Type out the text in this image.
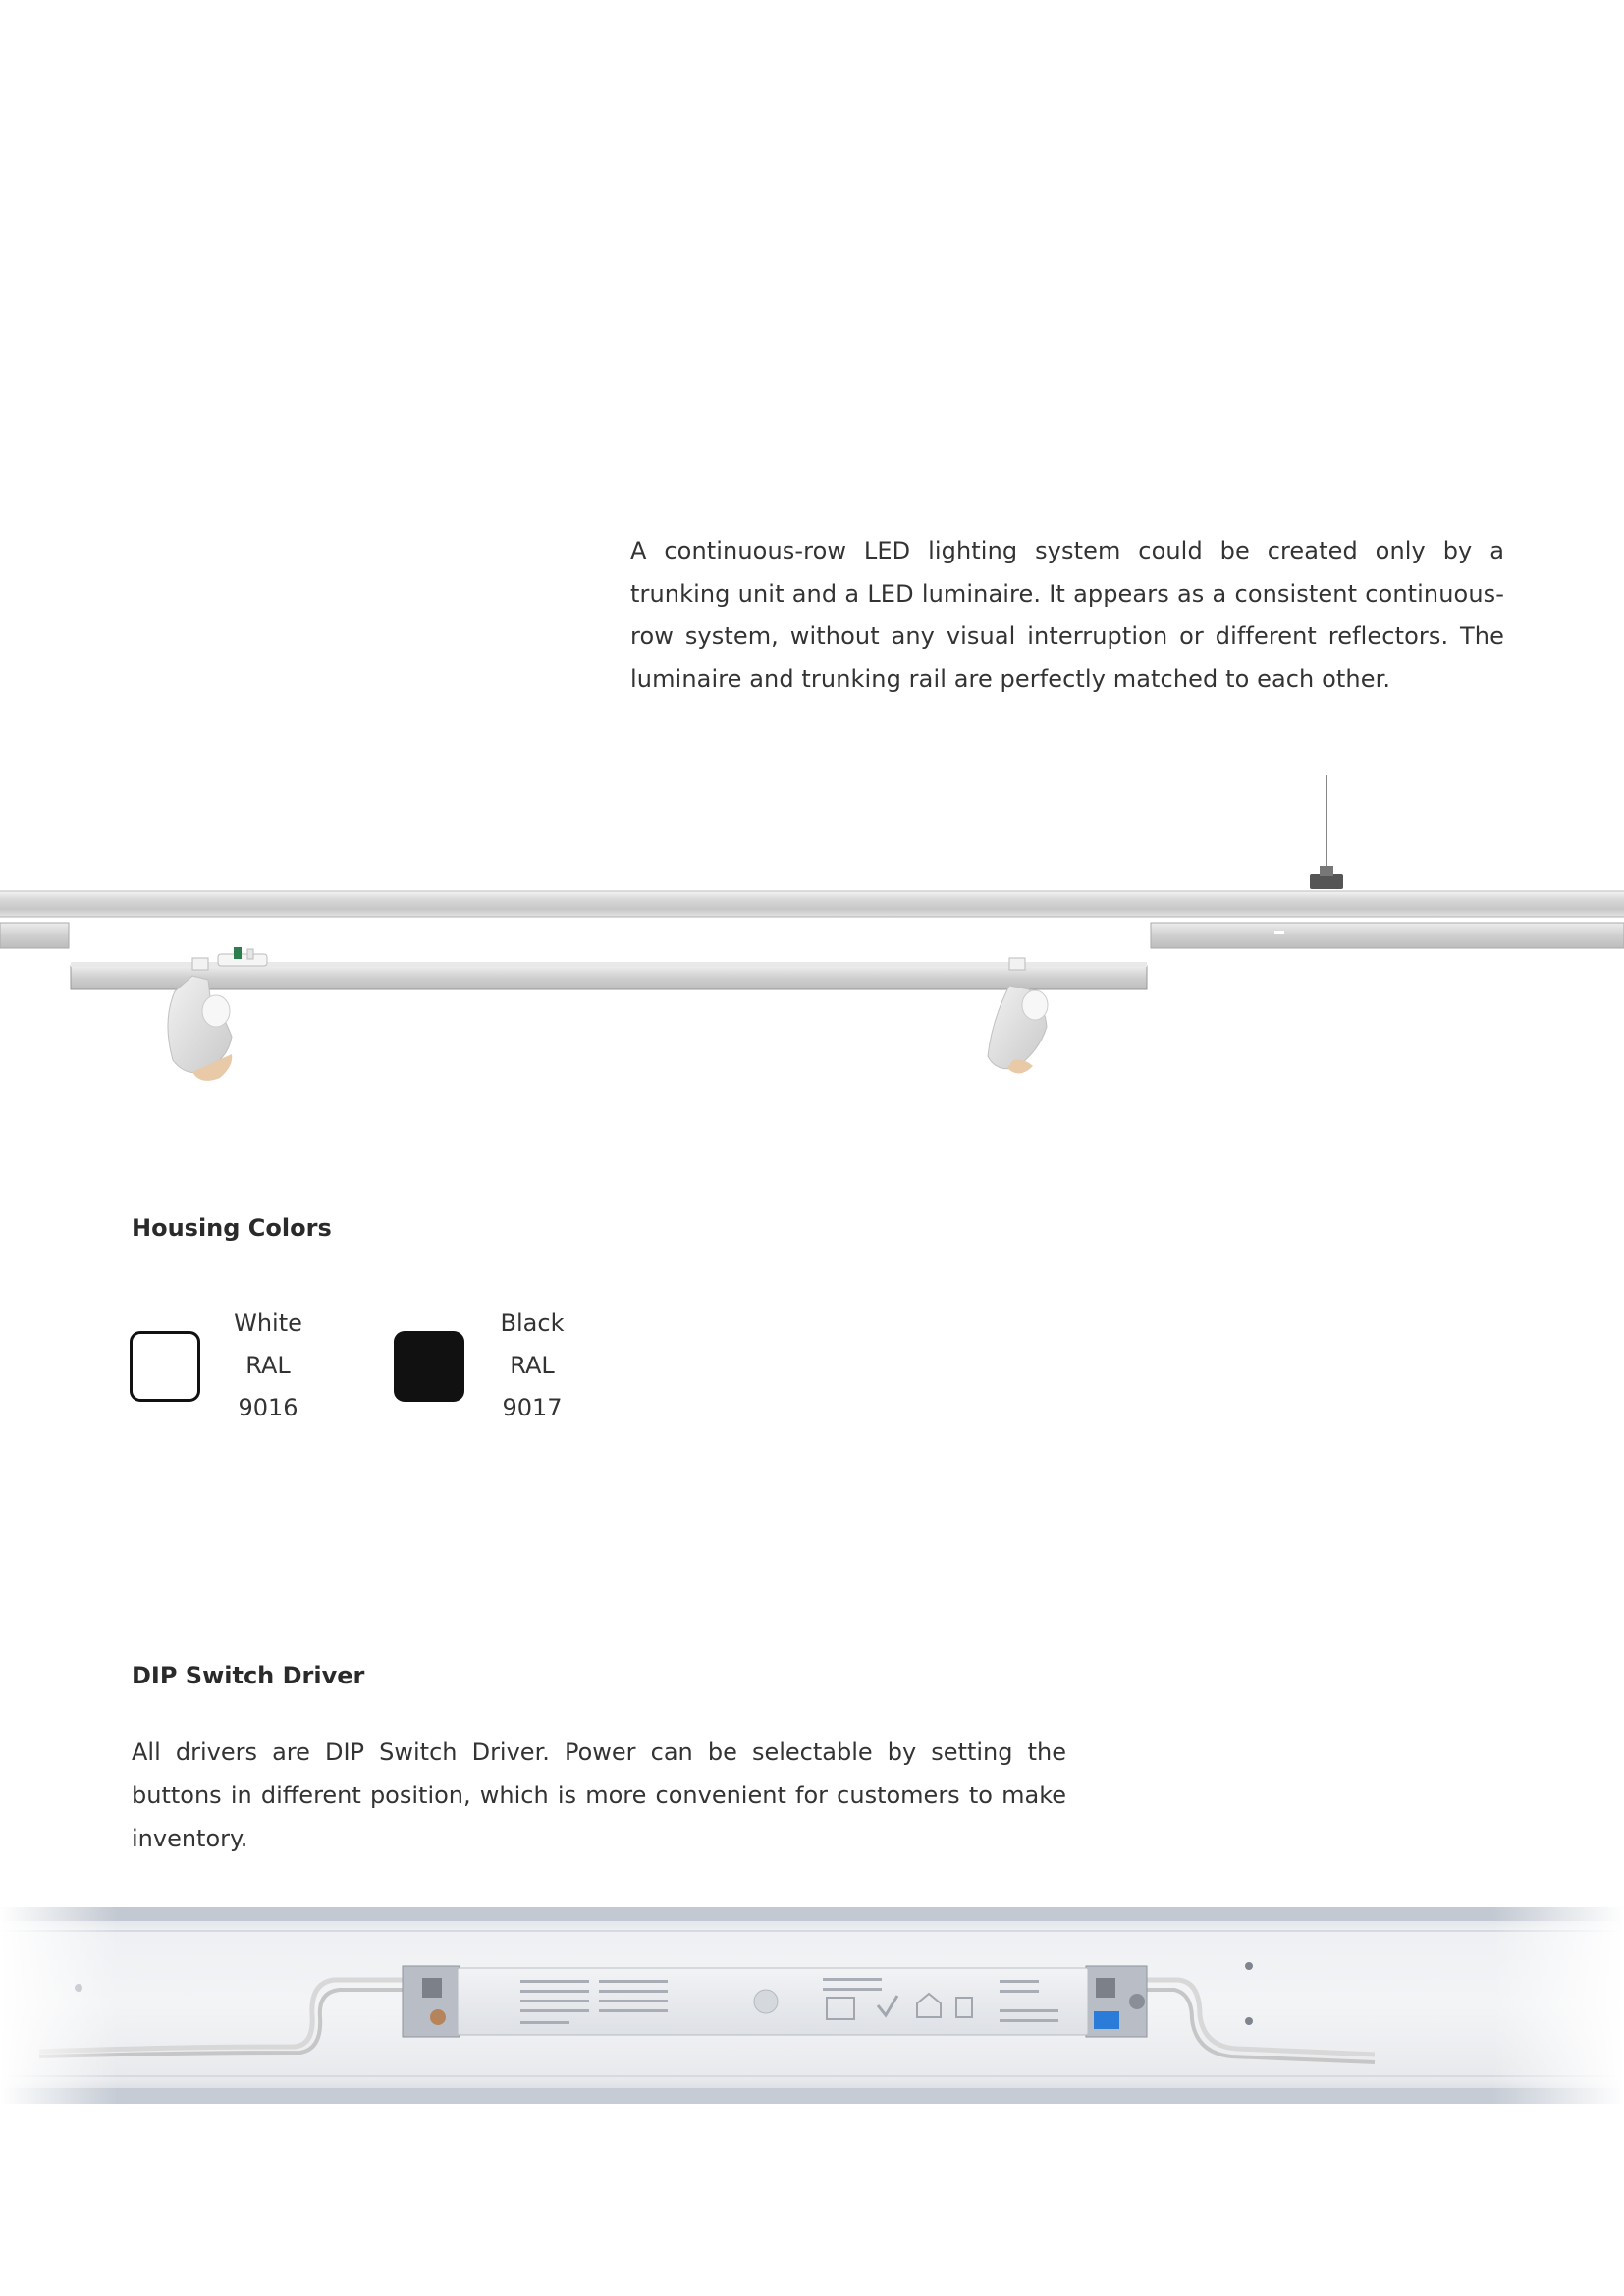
A continuous-row LED lighting system could be created only by a trunking unit and a LED luminaire. It appears as a consistent continuous-row system, without any visual interruption or different reflectors. The luminaire and trunking rail are perfectly matched to each other.

Housing Colors
White
RAL 9016
Black
RAL 9017
DIP Switch Driver

All drivers are DIP Switch Driver. Power can be selectable by setting the buttons in different position, which is more convenient for customers to make inventory.
